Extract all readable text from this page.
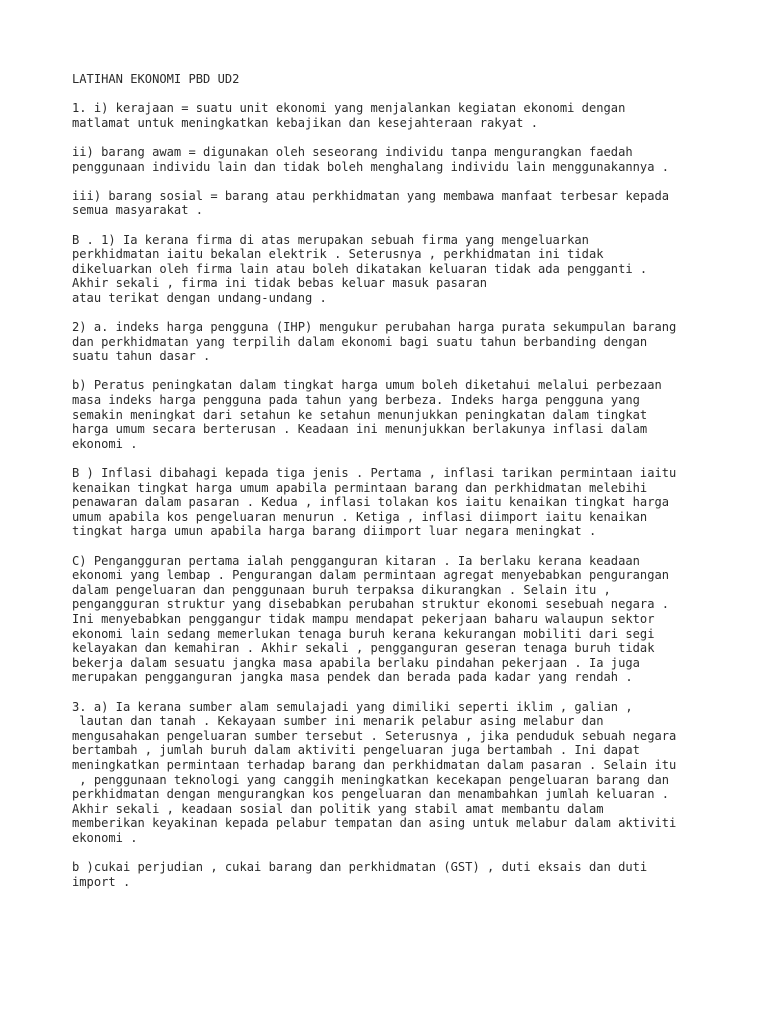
LATIHAN EKONOMI PBD UD2
1. i) kerajaan = suatu unit ekonomi yang menjalankan kegiatan ekonomi dengan
matlamat untuk meningkatkan kebajikan dan kesejahteraan rakyat .
ii) barang awam = digunakan oleh seseorang individu tanpa mengurangkan faedah
penggunaan individu lain dan tidak boleh menghalang individu lain menggunakannya .
iii) barang sosial = barang atau perkhidmatan yang membawa manfaat terbesar kepada
semua masyarakat .
B . 1) Ia kerana firma di atas merupakan sebuah firma yang mengeluarkan
perkhidmatan iaitu bekalan elektrik . Seterusnya , perkhidmatan ini tidak
dikeluarkan oleh firma lain atau boleh dikatakan keluaran tidak ada pengganti .
Akhir sekali , firma ini tidak bebas keluar masuk pasaran
atau terikat dengan undang-undang .
2) a. indeks harga pengguna (IHP) mengukur perubahan harga purata sekumpulan barang
dan perkhidmatan yang terpilih dalam ekonomi bagi suatu tahun berbanding dengan
suatu tahun dasar .
b) Peratus peningkatan dalam tingkat harga umum boleh diketahui melalui perbezaan
masa indeks harga pengguna pada tahun yang berbeza. Indeks harga pengguna yang
semakin meningkat dari setahun ke setahun menunjukkan peningkatan dalam tingkat
harga umum secara berterusan . Keadaan ini menunjukkan berlakunya inflasi dalam
ekonomi .
B ) Inflasi dibahagi kepada tiga jenis . Pertama , inflasi tarikan permintaan iaitu
kenaikan tingkat harga umum apabila permintaan barang dan perkhidmatan melebihi
penawaran dalam pasaran . Kedua , inflasi tolakan kos iaitu kenaikan tingkat harga
umum apabila kos pengeluaran menurun . Ketiga , inflasi diimport iaitu kenaikan
tingkat harga umun apabila harga barang diimport luar negara meningkat .
C) Pengangguran pertama ialah pengganguran kitaran . Ia berlaku kerana keadaan
ekonomi yang lembap . Pengurangan dalam permintaan agregat menyebabkan pengurangan
dalam pengeluaran dan penggunaan buruh terpaksa dikurangkan . Selain itu ,
pengangguran struktur yang disebabkan perubahan struktur ekonomi sesebuah negara .
Ini menyebabkan penggangur tidak mampu mendapat pekerjaan baharu walaupun sektor
ekonomi lain sedang memerlukan tenaga buruh kerana kekurangan mobiliti dari segi
kelayakan dan kemahiran . Akhir sekali , pengganguran geseran tenaga buruh tidak
bekerja dalam sesuatu jangka masa apabila berlaku pindahan pekerjaan . Ia juga
merupakan pengganguran jangka masa pendek dan berada pada kadar yang rendah .
3. a) Ia kerana sumber alam semulajadi yang dimiliki seperti iklim , galian ,
lautan dan tanah . Kekayaan sumber ini menarik pelabur asing melabur dan
mengusahakan pengeluaran sumber tersebut . Seterusnya , jika penduduk sebuah negara
bertambah , jumlah buruh dalam aktiviti pengeluaran juga bertambah . Ini dapat
meningkatkan permintaan terhadap barang dan perkhidmatan dalam pasaran . Selain itu
, penggunaan teknologi yang canggih meningkatkan kecekapan pengeluaran barang dan
perkhidmatan dengan mengurangkan kos pengeluaran dan menambahkan jumlah keluaran .
Akhir sekali , keadaan sosial dan politik yang stabil amat membantu dalam
memberikan keyakinan kepada pelabur tempatan dan asing untuk melabur dalam aktiviti
ekonomi .
b )cukai perjudian , cukai barang dan perkhidmatan (GST) , duti eksais dan duti
import .
